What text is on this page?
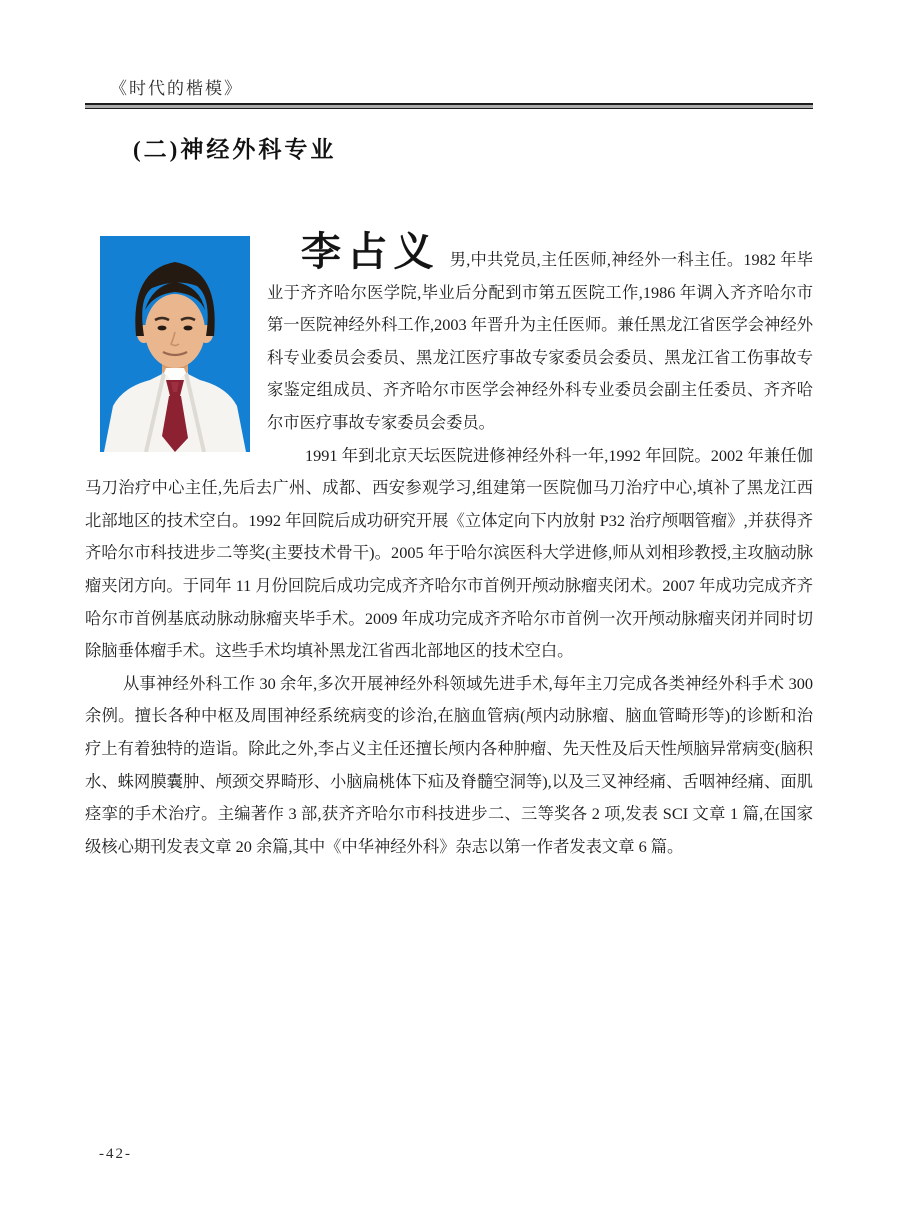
《时代的楷模》
(二)神经外科专业

李占义 男,中共党员,主任医师,神经外一科主任。1982 年毕业于齐齐哈尔医学院,毕业后分配到市第五医院工作,1986 年调入齐齐哈尔市第一医院神经外科工作,2003 年晋升为主任医师。兼任黑龙江省医学会神经外科专业委员会委员、黑龙江医疗事故专家委员会委员、黑龙江省工伤事故专家鉴定组成员、齐齐哈尔市医学会神经外科专业委员会副主任委员、齐齐哈尔市医疗事故专家委员会委员。

1991 年到北京天坛医院进修神经外科一年,1992 年回院。2002 年兼任伽马刀治疗中心主任,先后去广州、成都、西安参观学习,组建第一医院伽马刀治疗中心,填补了黑龙江西北部地区的技术空白。1992 年回院后成功研究开展《立体定向下内放射 P32 治疗颅咽管瘤》,并获得齐齐哈尔市科技进步二等奖(主要技术骨干)。2005 年于哈尔滨医科大学进修,师从刘相珍教授,主攻脑动脉瘤夹闭方向。于同年 11 月份回院后成功完成齐齐哈尔市首例开颅动脉瘤夹闭术。2007 年成功完成齐齐哈尔市首例基底动脉动脉瘤夹毕手术。2009 年成功完成齐齐哈尔市首例一次开颅动脉瘤夹闭并同时切除脑垂体瘤手术。这些手术均填补黑龙江省西北部地区的技术空白。

从事神经外科工作 30 余年,多次开展神经外科领域先进手术,每年主刀完成各类神经外科手术 300 余例。擅长各种中枢及周围神经系统病变的诊治,在脑血管病(颅内动脉瘤、脑血管畸形等)的诊断和治疗上有着独特的造诣。除此之外,李占义主任还擅长颅内各种肿瘤、先天性及后天性颅脑异常病变(脑积水、蛛网膜囊肿、颅颈交界畸形、小脑扁桃体下疝及脊髓空洞等),以及三叉神经痛、舌咽神经痛、面肌痉挛的手术治疗。主编著作 3 部,获齐齐哈尔市科技进步二、三等奖各 2 项,发表 SCI 文章 1 篇,在国家级核心期刊发表文章 20 余篇,其中《中华神经外科》杂志以第一作者发表文章 6 篇。

-42-
